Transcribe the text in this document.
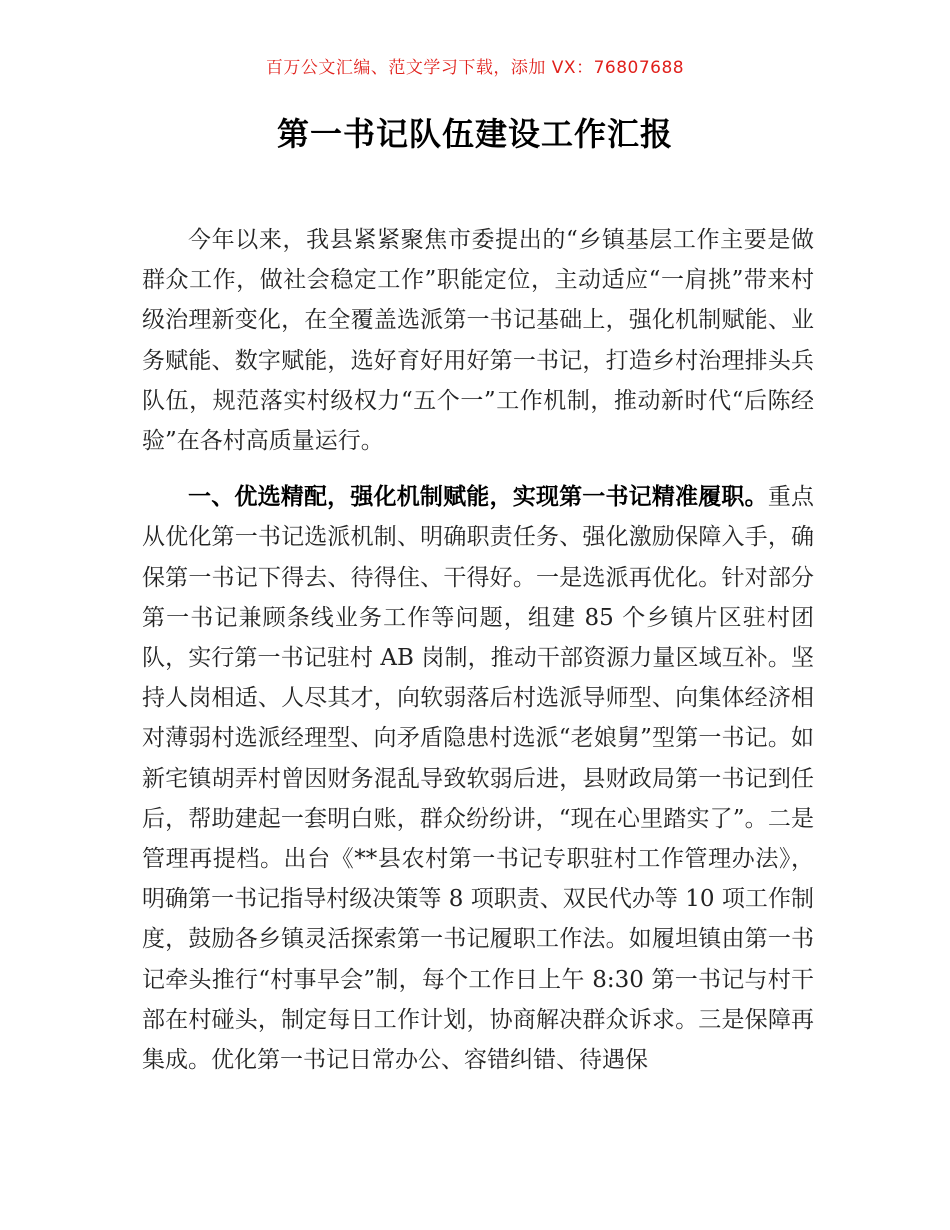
百万公文汇编、范文学习下载，添加 VX：76807688
第一书记队伍建设工作汇报

今年以来，我县紧紧聚焦市委提出的“乡镇基层工作主要是做群众工作，做社会稳定工作”职能定位，主动适应“一肩挑”带来村级治理新变化，在全覆盖选派第一书记基础上，强化机制赋能、业务赋能、数字赋能，选好育好用好第一书记，打造乡村治理排头兵队伍，规范落实村级权力“五个一”工作机制，推动新时代“后陈经验”在各村高质量运行。

一、优选精配，强化机制赋能，实现第一书记精准履职。重点从优化第一书记选派机制、明确职责任务、强化激励保障入手，确保第一书记下得去、待得住、干得好。一是选派再优化。针对部分第一书记兼顾条线业务工作等问题，组建 85 个乡镇片区驻村团队，实行第一书记驻村 AB 岗制，推动干部资源力量区域互补。坚持人岗相适、人尽其才，向软弱落后村选派导师型、向集体经济相对薄弱村选派经理型、向矛盾隐患村选派“老娘舅”型第一书记。如新宅镇胡弄村曾因财务混乱导致软弱后进，县财政局第一书记到任后，帮助建起一套明白账，群众纷纷讲，“现在心里踏实了”。二是管理再提档。出台《**县农村第一书记专职驻村工作管理办法》，明确第一书记指导村级决策等 8 项职责、双民代办等 10 项工作制度，鼓励各乡镇灵活探索第一书记履职工作法。如履坦镇由第一书记牵头推行“村事早会”制，每个工作日上午 8:30 第一书记与村干部在村碰头，制定每日工作计划，协商解决群众诉求。三是保障再集成。优化第一书记日常办公、容错纠错、待遇保
